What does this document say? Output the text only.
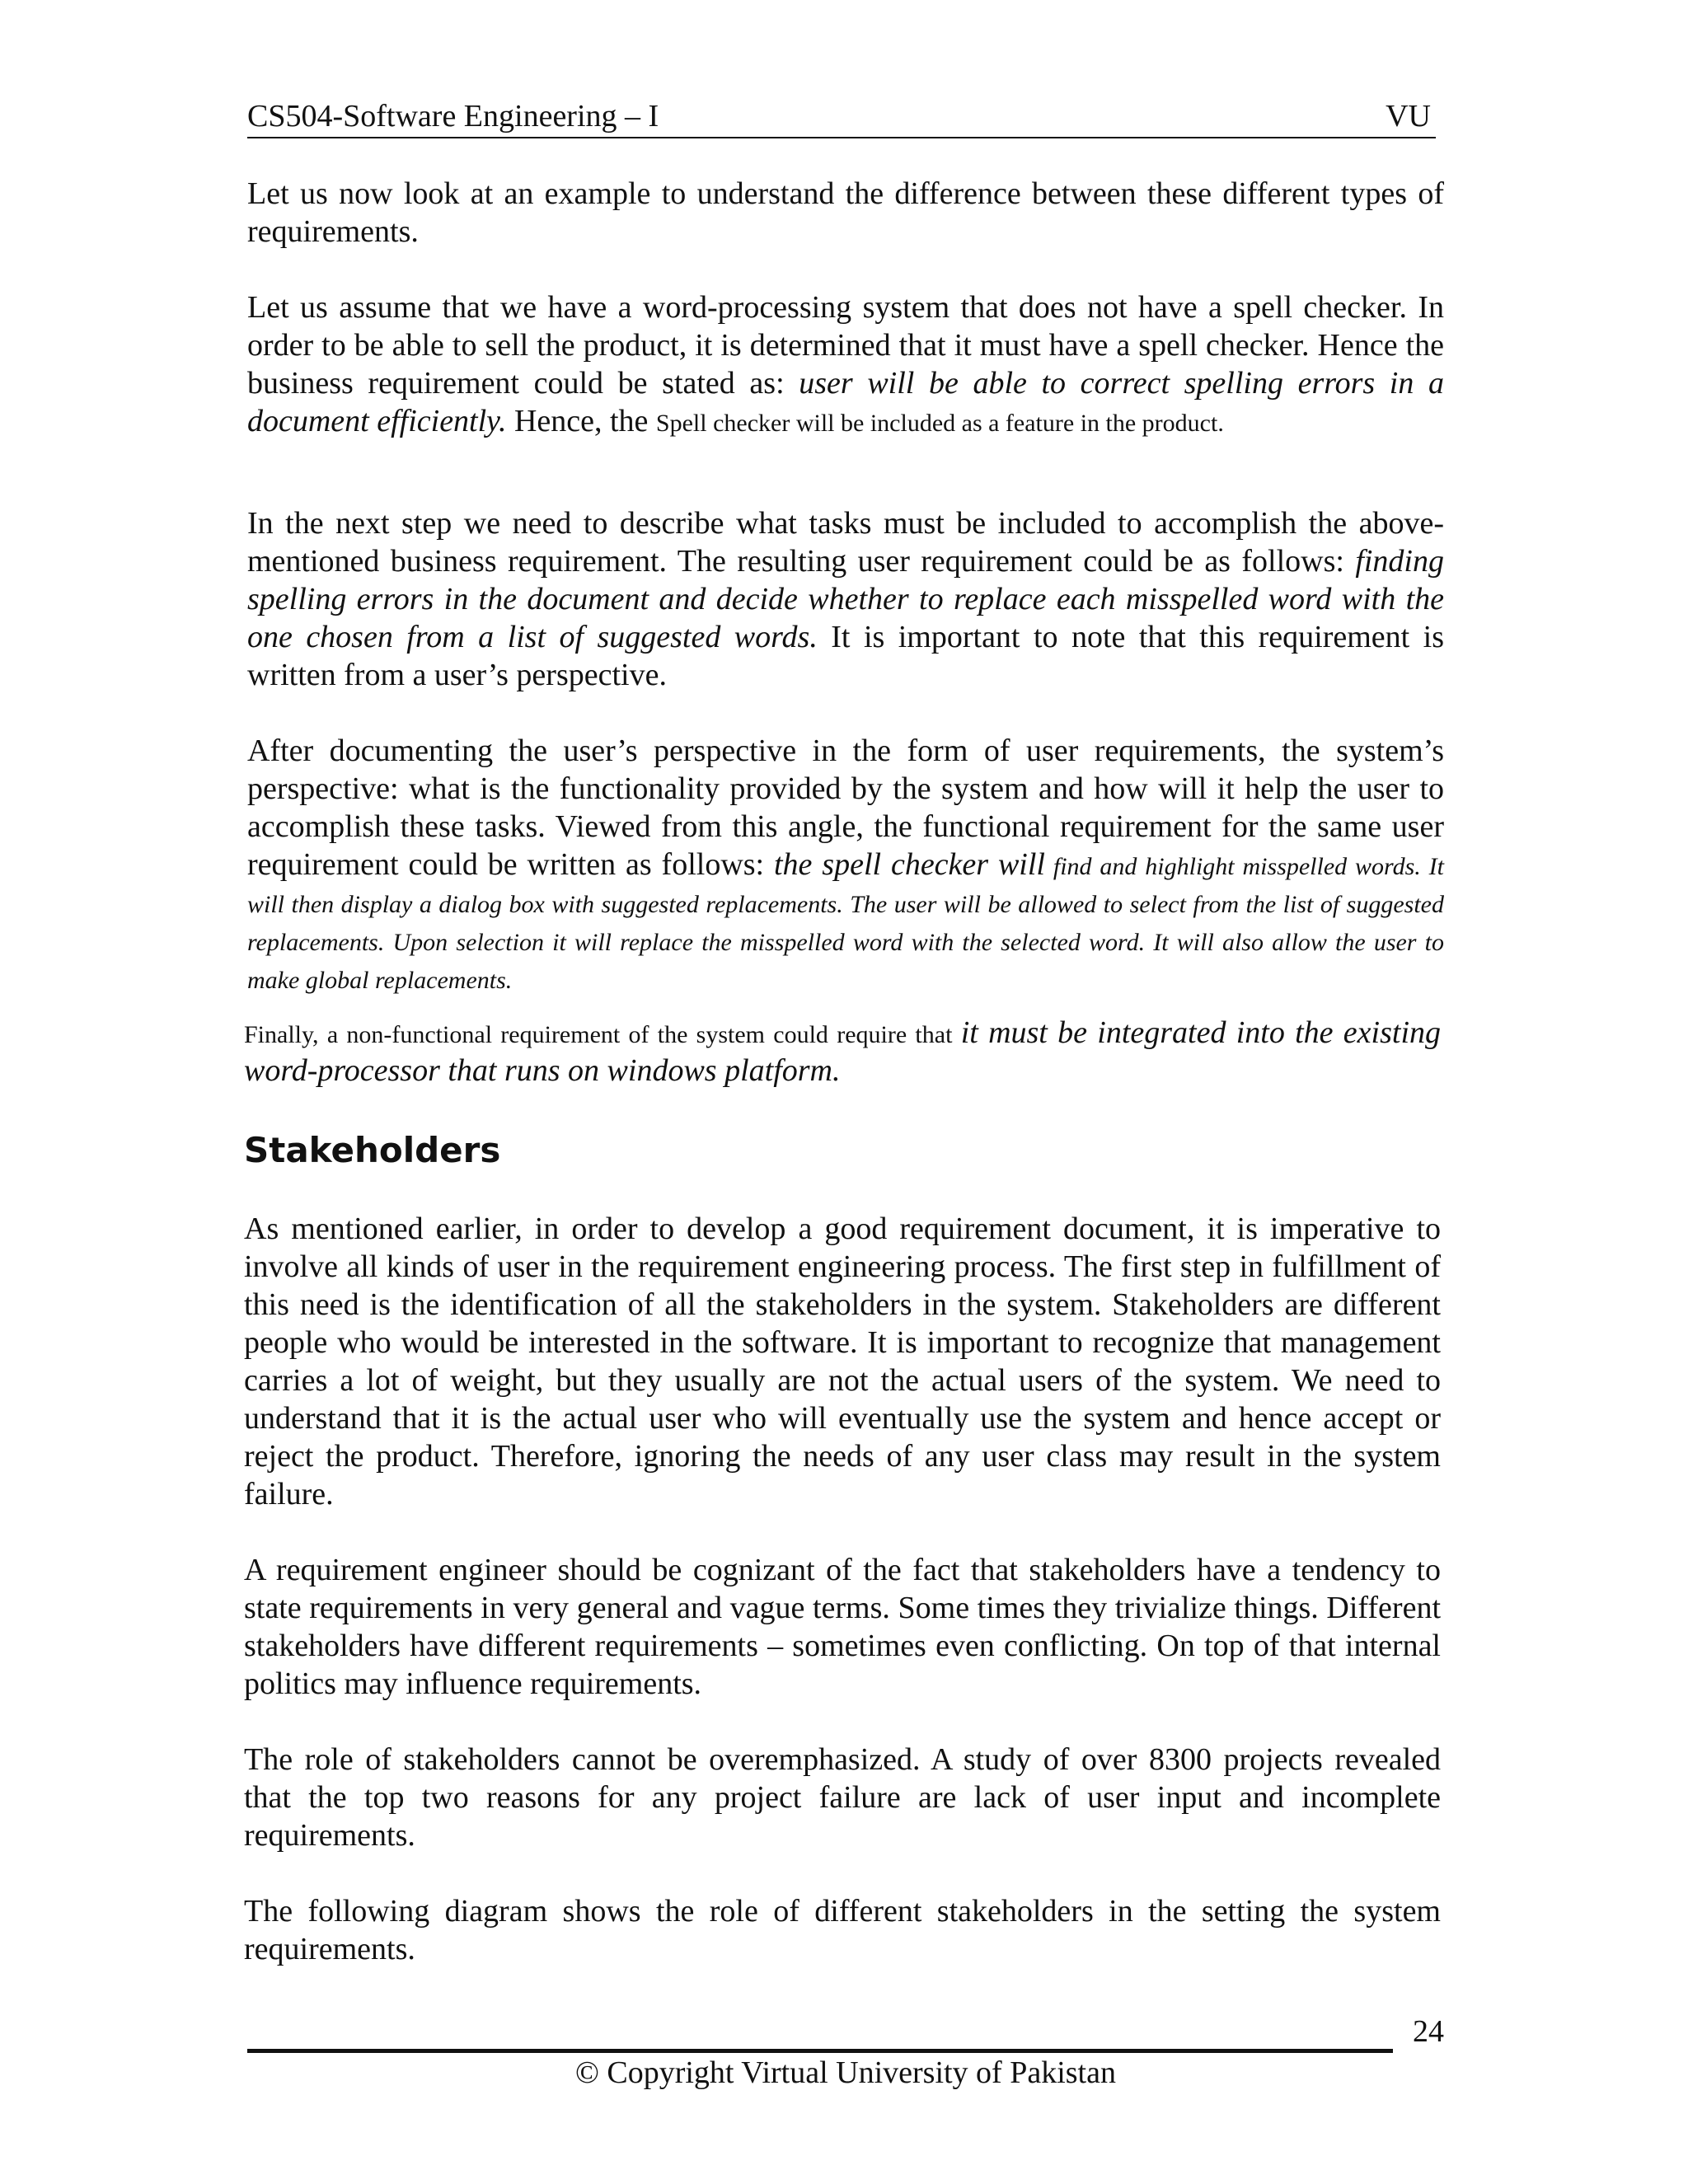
CS504-Software Engineering – I	VU

Let us now look at an example to understand the difference between these different types of requirements.

Let us assume that we have a word-processing system that does not have a spell checker. In order to be able to sell the product, it is determined that it must have a spell checker. Hence the business requirement could be stated as: user will be able to correct spelling errors in a document efficiently. Hence, the Spell checker will be included as a feature in the product.

In the next step we need to describe what tasks must be included to accomplish the above-mentioned business requirement. The resulting user requirement could be as follows: finding spelling errors in the document and decide whether to replace each misspelled word with the one chosen from a list of suggested words. It is important to note that this requirement is written from a user’s perspective.

After documenting the user’s perspective in the form of user requirements, the system’s perspective: what is the functionality provided by the system and how will it help the user to accomplish these tasks. Viewed from this angle, the functional requirement for the same user requirement could be written as follows: the spell checker will find and highlight misspelled words. It will then display a dialog box with suggested replacements. The user will be allowed to select from the list of suggested replacements. Upon selection it will replace the misspelled word with the selected word. It will also allow the user to make global replacements.

Finally, a non-functional requirement of the system could require that it must be integrated into the existing word-processor that runs on windows platform.

Stakeholders

As mentioned earlier, in order to develop a good requirement document, it is imperative to involve all kinds of user in the requirement engineering process. The first step in fulfillment of this need is the identification of all the stakeholders in the system. Stakeholders are different people who would be interested in the software. It is important to recognize that management carries a lot of weight, but they usually are not the actual users of the system. We need to understand that it is the actual user who will eventually use the system and hence accept or reject the product. Therefore, ignoring the needs of any user class may result in the system failure.

A requirement engineer should be cognizant of the fact that stakeholders have a tendency to state requirements in very general and vague terms. Some times they trivialize things. Different stakeholders have different requirements – sometimes even conflicting. On top of that internal politics may influence requirements.

The role of stakeholders cannot be overemphasized. A study of over 8300 projects revealed that the top two reasons for any project failure are lack of user input and incomplete requirements.

The following diagram shows the role of different stakeholders in the setting the system requirements.

24
© Copyright Virtual University of Pakistan
